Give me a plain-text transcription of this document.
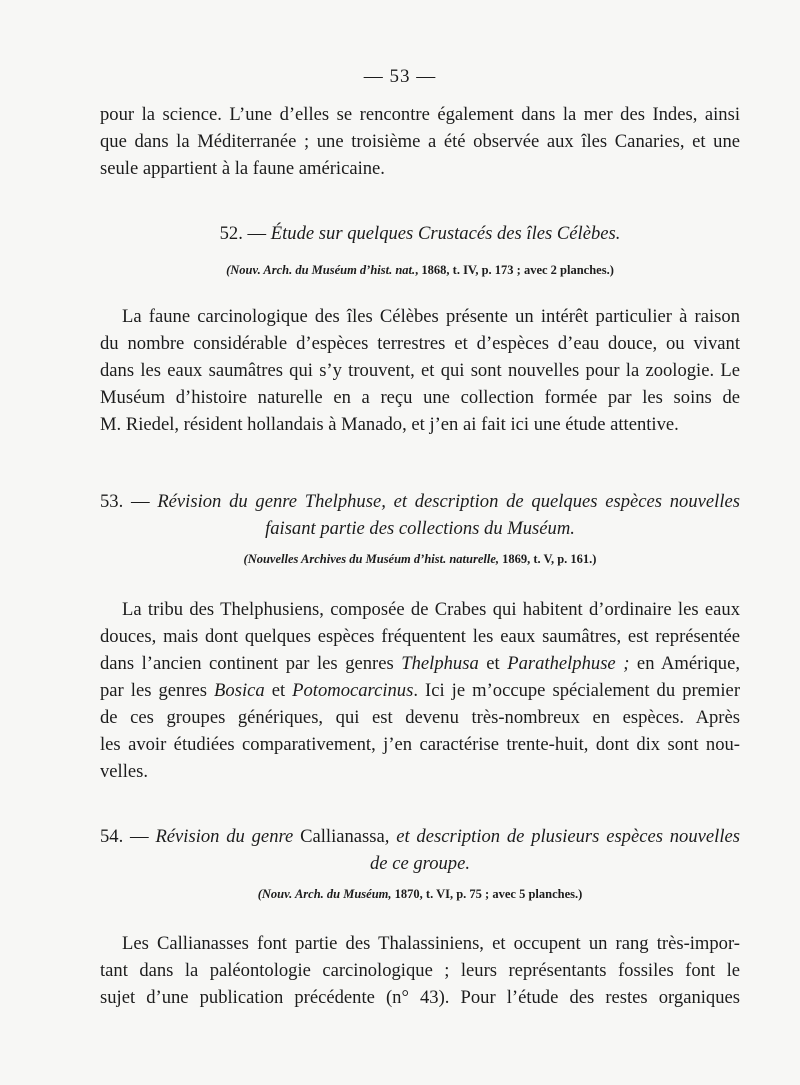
— 53 —
pour la science. L’une d’elles se rencontre également dans la mer des Indes, ainsi
que dans la Méditerranée ; une troisième a été observée aux îles Canaries, et une
seule appartient à la faune américaine.
52. — Étude sur quelques Crustacés des îles Célèbes.
(Nouv. Arch. du Muséum d’hist. nat., 1868, t. IV, p. 173 ; avec 2 planches.)
La faune carcinologique des îles Célèbes présente un intérêt particulier à raison
du nombre considérable d’espèces terrestres et d’espèces d’eau douce, ou vivant
dans les eaux saumâtres qui s’y trouvent, et qui sont nouvelles pour la zoologie. Le
Muséum d’histoire naturelle en a reçu une collection formée par les soins de
M. Riedel, résident hollandais à Manado, et j’en ai fait ici une étude attentive.
53. — Révision du genre Thelphuse, et description de quelques espèces nouvelles
faisant partie des collections du Muséum.
(Nouvelles Archives du Muséum d’hist. naturelle, 1869, t. V, p. 161.)
La tribu des Thelphusiens, composée de Crabes qui habitent d’ordinaire les eaux
douces, mais dont quelques espèces fréquentent les eaux saumâtres, est représentée
dans l’ancien continent par les genres Thelphusa et Parathelphuse ; en Amérique,
par les genres Bosica et Potomocarcinus. Ici je m’occupe spécialement du premier
de ces groupes génériques, qui est devenu très-nombreux en espèces. Après
les avoir étudiées comparativement, j’en caractérise trente-huit, dont dix sont nou-
velles.
54. — Révision du genre Callianassa, et description de plusieurs espèces nouvelles
de ce groupe.
(Nouv. Arch. du Muséum, 1870, t. VI, p. 75 ; avec 5 planches.)
Les Callianasses font partie des Thalassiniens, et occupent un rang très-impor-
tant dans la paléontologie carcinologique ; leurs représentants fossiles font le
sujet d’une publication précédente (n° 43). Pour l’étude des restes organiques
